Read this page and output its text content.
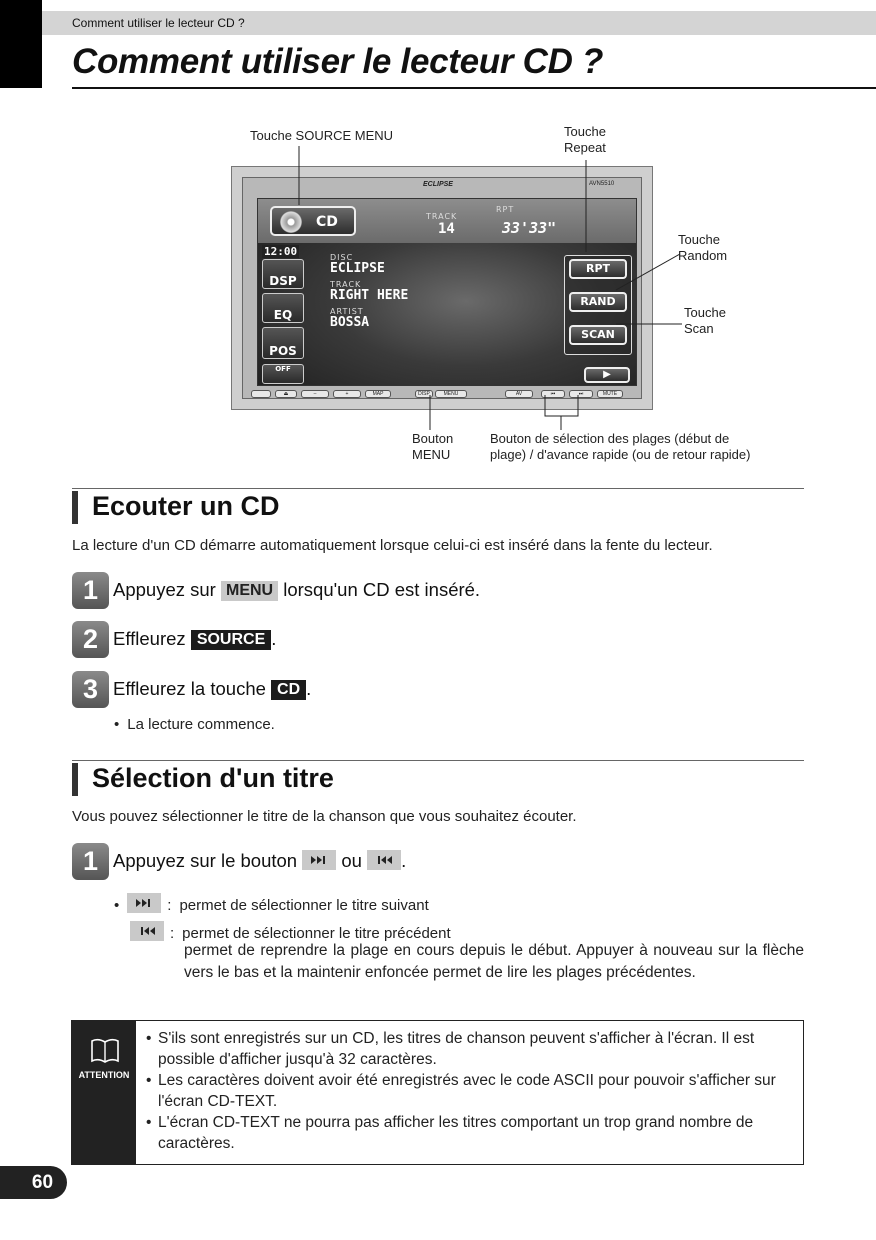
Comment utiliser le lecteur CD ?
Comment utiliser le lecteur CD ?
Touche SOURCE MENU	Touche
Repeat
Touche
Random
Touche
Scan
Bouton
MENU
Bouton de sélection des plages (début de
plage) / d'avance rapide (ou de retour rapide)
ECLIPSE	AVN5510
CD	TRACK
14
RPT
33'33"
12:00
DSP
EQ
POS
OFF
DISC
ECLIPSE
TRACK
RIGHT HERE
ARTIST
BOSSA
RPT
RAND
SCAN
▶
⏏	–	+	MAP	DISP	MENU	AV	⏮	⏭	MUTE
Ecouter un CD
La lecture d'un CD démarre automatiquement lorsque celui-ci est inséré dans la fente du lecteur.
1 Appuyez sur MENU lorsqu'un CD est inséré.
2 Effleurez SOURCE .
3 Effleurez la touche CD .
• La lecture commence.
Sélection d'un titre
Vous pouvez sélectionner le titre de la chanson que vous souhaitez écouter.
1 Appuyez sur le bouton  ou .
•	: permet de sélectionner le titre suivant
: permet de sélectionner le titre précédent
permet de reprendre la plage en cours depuis le début. Appuyer à nouveau sur la flèche vers le bas et la maintenir enfoncée permet de lire les plages précédentes.
ATTENTION
• S'ils sont enregistrés sur un CD, les titres de chanson peuvent s'afficher à l'écran. Il est possible d'afficher jusqu'à 32 caractères.
• Les caractères doivent avoir été enregistrés avec le code ASCII pour pouvoir s'afficher sur l'écran CD-TEXT.
• L'écran CD-TEXT ne pourra pas afficher les titres comportant un trop grand nombre de caractères.
60
